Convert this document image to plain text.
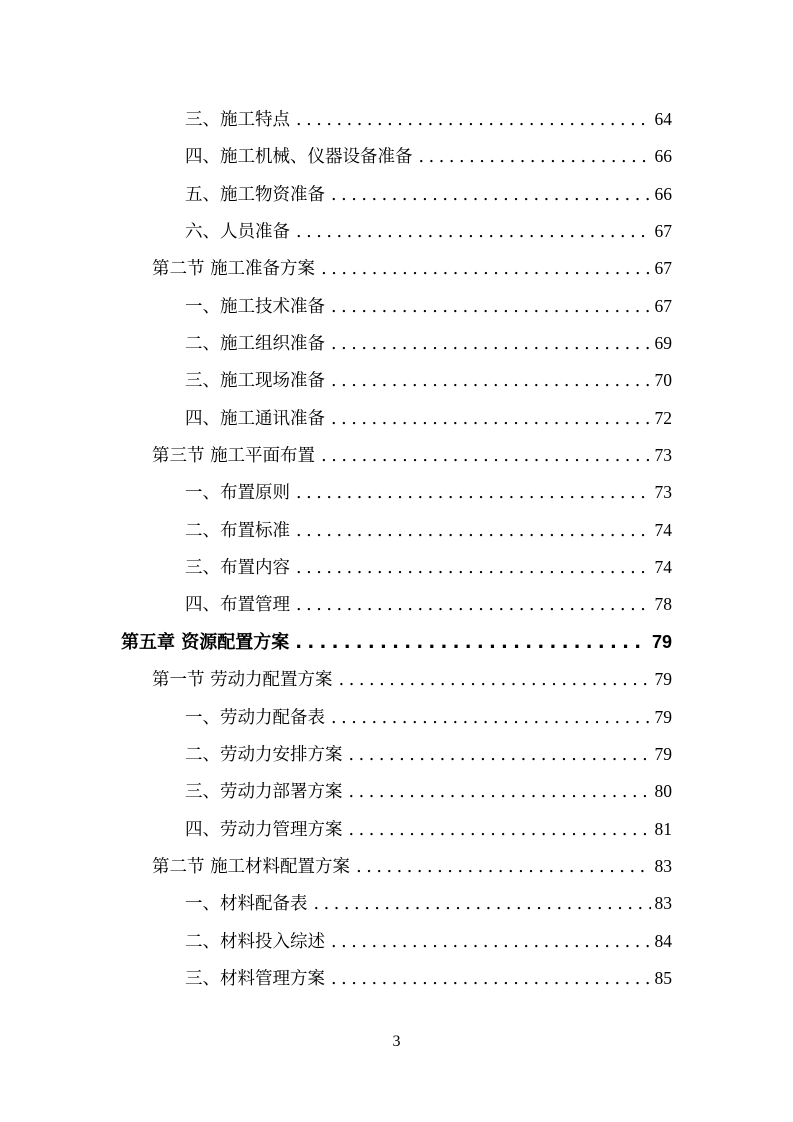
三、施工特点 . . .	64
四、施工机械、仪器设备准备 . . .	66
五、施工物资准备 . . .	66
六、人员准备 . . .	67
第二节 施工准备方案 . . .	67
一、施工技术准备 . . .	67
二、施工组织准备 . . .	69
三、施工现场准备 . . .	70
四、施工通讯准备 . . .	72
第三节 施工平面布置 . . .	73
一、布置原则 . . .	73
二、布置标准 . . .	74
三、布置内容 . . .	74
四、布置管理 . . .	78
第五章 资源配置方案 . . .	79
第一节 劳动力配置方案 . . .	79
一、劳动力配备表 . . .	79
二、劳动力安排方案 . . .	79
三、劳动力部署方案 . . .	80
四、劳动力管理方案 . . .	81
第二节 施工材料配置方案 . . .	83
一、材料配备表 . . .	83
二、材料投入综述 . . .	84
三、材料管理方案 . . .	85
3
